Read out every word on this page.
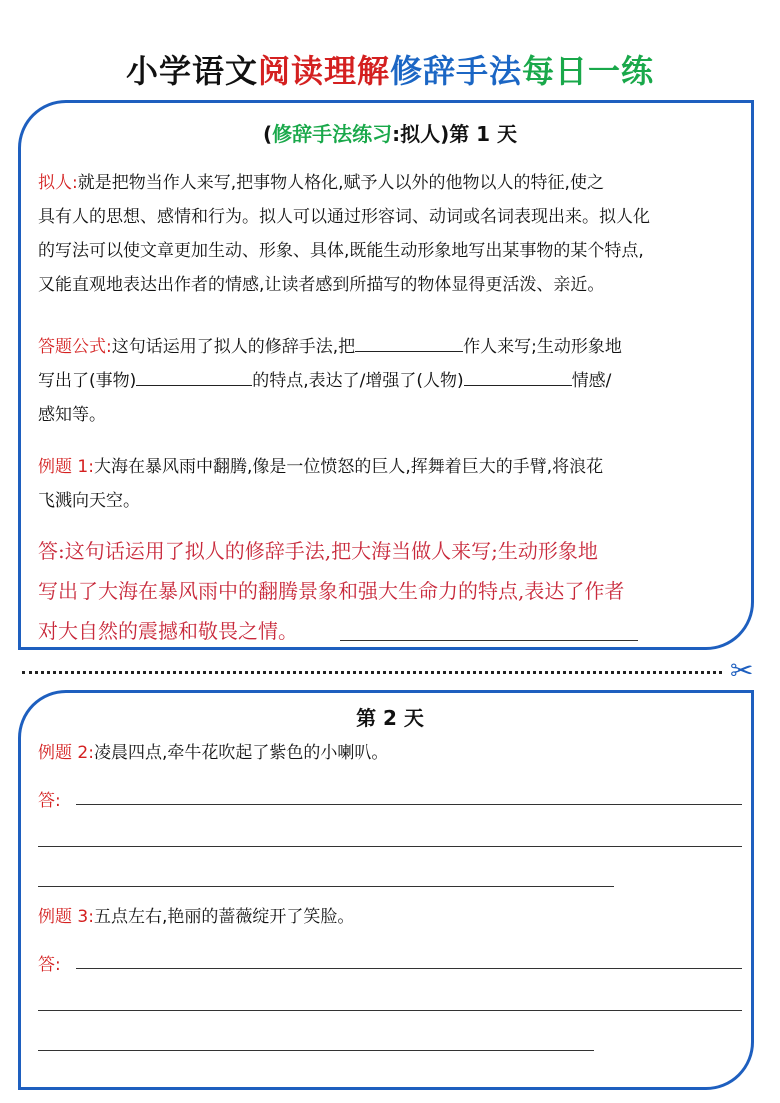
小学语文阅读理解修辞手法每日一练
(修辞手法练习:拟人)第 1 天
拟人:就是把物当作人来写,把事物人格化,赋予人以外的他物以人的特征,使之
具有人的思想、感情和行为。拟人可以通过形容词、动词或名词表现出来。拟人化
的写法可以使文章更加生动、形象、具体,既能生动形象地写出某事物的某个特点,
又能直观地表达出作者的情感,让读者感到所描写的物体显得更活泼、亲近。
答题公式:这句话运用了拟人的修辞手法,把	作人来写;生动形象地
写出了(事物)	的特点,表达了/增强了(人物)	情感/
感知等。
例题 1:大海在暴风雨中翻腾,像是一位愤怒的巨人,挥舞着巨大的手臂,将浪花
飞溅向天空。
答:这句话运用了拟人的修辞手法,把大海当做人来写;生动形象地
写出了大海在暴风雨中的翻腾景象和强大生命力的特点,表达了作者
对大自然的震撼和敬畏之情。
✂
第 2 天
例题 2:凌晨四点,牵牛花吹起了紫色的小喇叭。
答:
例题 3:五点左右,艳丽的蔷薇绽开了笑脸。
答:
